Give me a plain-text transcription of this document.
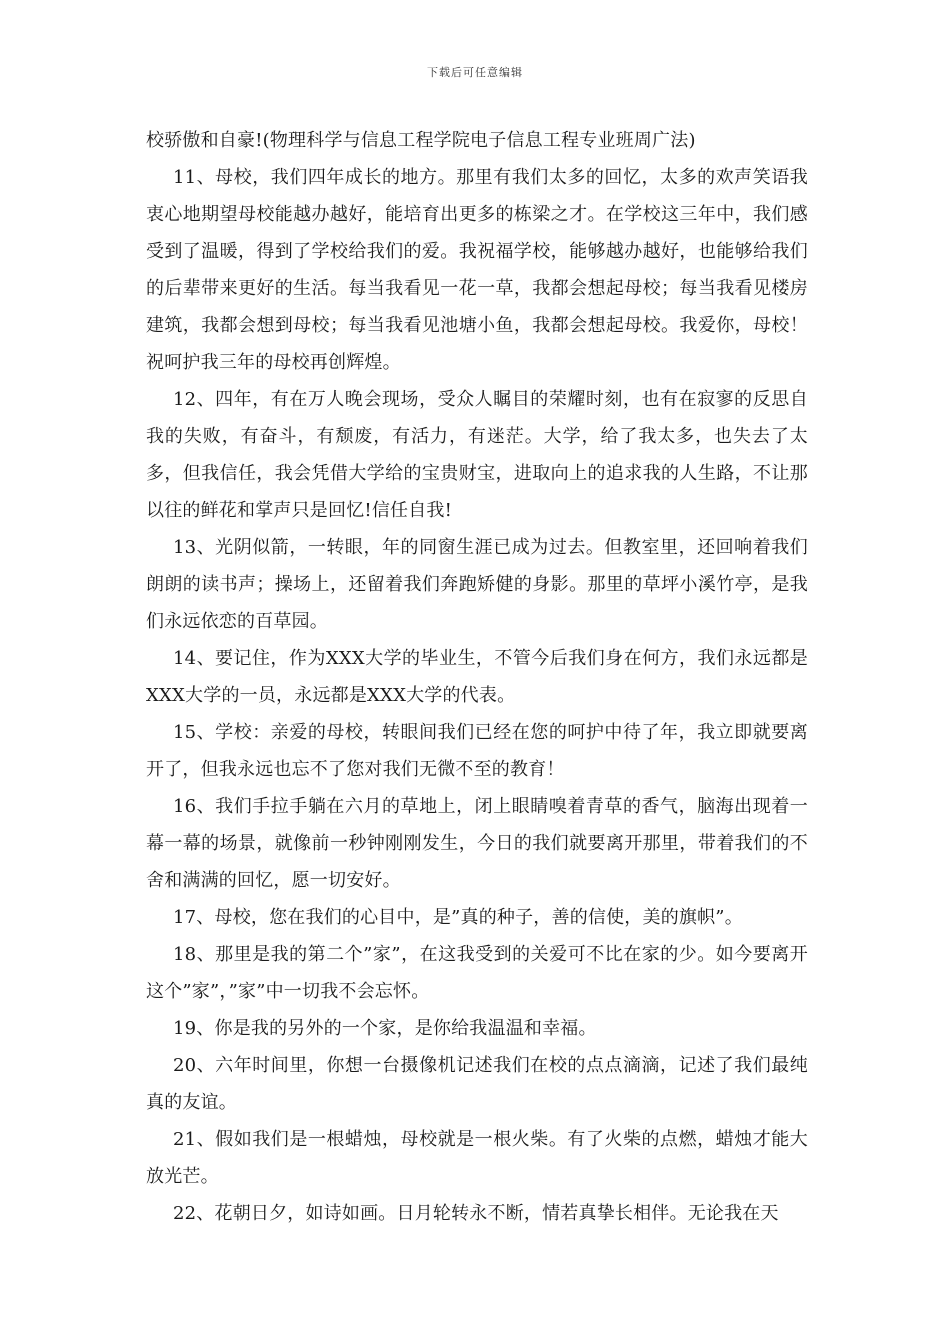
下载后可任意编辑

校骄傲和自豪!(物理科学与信息工程学院电子信息工程专业班周广法)

11、母校，我们四年成长的地方。那里有我们太多的回忆，太多的欢声笑语我衷心地期望母校能越办越好，能培育出更多的栋梁之才。在学校这三年中，我们感受到了温暖，得到了学校给我们的爱。我祝福学校，能够越办越好，也能够给我们的后辈带来更好的生活。每当我看见一花一草，我都会想起母校；每当我看见楼房建筑，我都会想到母校；每当我看见池塘小鱼，我都会想起母校。我爱你，母校！祝呵护我三年的母校再创辉煌。

12、四年，有在万人晚会现场，受众人瞩目的荣耀时刻，也有在寂寥的反思自我的失败，有奋斗，有颓废，有活力，有迷茫。大学，给了我太多，也失去了太多，但我信任，我会凭借大学给的宝贵财宝，进取向上的追求我的人生路，不让那以往的鲜花和掌声只是回忆!信任自我!

13、光阴似箭，一转眼，年的同窗生涯已成为过去。但教室里，还回响着我们朗朗的读书声；操场上，还留着我们奔跑矫健的身影。那里的草坪小溪竹亭，是我们永远依恋的百草园。

14、要记住，作为XXX大学的毕业生，不管今后我们身在何方，我们永远都是XXX大学的一员，永远都是XXX大学的代表。

15、学校：亲爱的母校，转眼间我们已经在您的呵护中待了年，我立即就要离开了，但我永远也忘不了您对我们无微不至的教育！

16、我们手拉手躺在六月的草地上，闭上眼睛嗅着青草的香气，脑海出现着一幕一幕的场景，就像前一秒钟刚刚发生，今日的我们就要离开那里，带着我们的不舍和满满的回忆，愿一切安好。

17、母校，您在我们的心目中，是”真的种子，善的信使，美的旗帜”。

18、那里是我的第二个”家”，在这我受到的关爱可不比在家的少。如今要离开这个”家”，”家”中一切我不会忘怀。

19、你是我的另外的一个家，是你给我温温和幸福。

20、六年时间里，你想一台摄像机记述我们在校的点点滴滴，记述了我们最纯真的友谊。

21、假如我们是一根蜡烛，母校就是一根火柴。有了火柴的点燃，蜡烛才能大放光芒。

22、花朝日夕，如诗如画。日月轮转永不断，情若真挚长相伴。无论我在天
